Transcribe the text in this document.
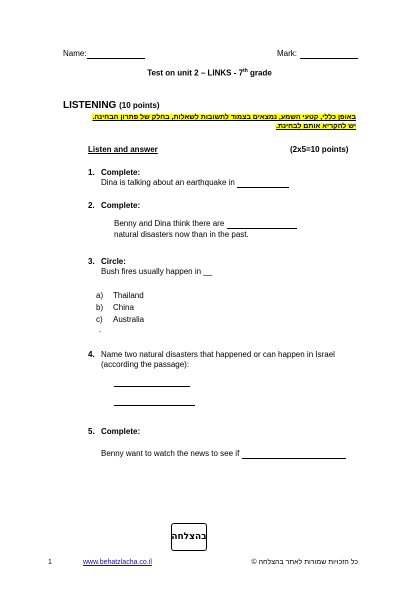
Name:	Mark:
Test on unit 2 – LINKS - 7th grade
LISTENING (10 points)
באופן כללי, קטעי השמע, נמצאים בצמוד לתשובות לשאלות, בחלק של פתרון הבחינה.
יש להקריא אותם לבחינת.
Listen and answer	(2x5=10 points)
1. Complete:
Dina is talking about an earthquake in
2. Complete:
Benny and Dina think there are
natural disasters now than in the past.
3. Circle:
Bush fires usually happen in __
a) Thailand
b) China
c) Australia
.
4. Name two natural disasters that happened or can happen in Israel
(according the passage):
5. Complete:
Benny want to watch the news to see if
בהצלחה
1	www.behatzlacha.co.il	כל הזכויות שמורות לאתר בהצלחה ©
